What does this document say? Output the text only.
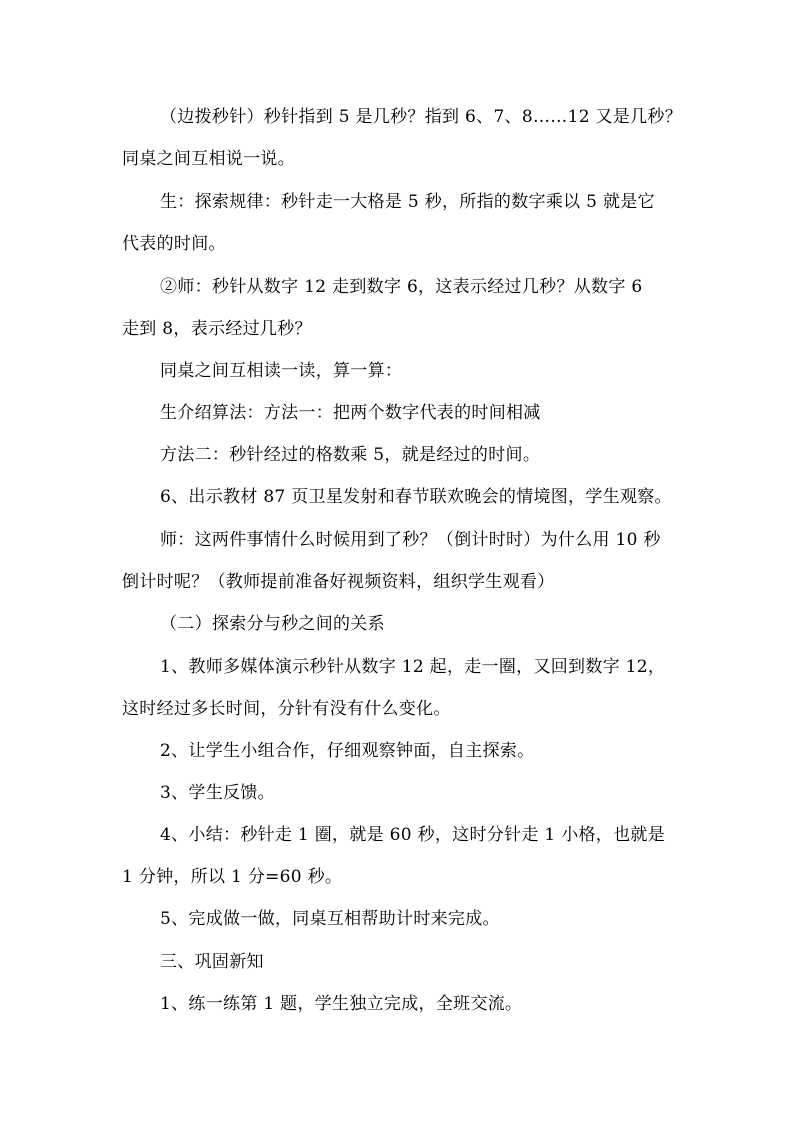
（边拨秒针）秒针指到 5 是几秒？指到 6、7、8……12 又是几秒？
同桌之间互相说一说。
生：探索规律：秒针走一大格是 5 秒，所指的数字乘以 5 就是它
代表的时间。
②师：秒针从数字 12 走到数字 6，这表示经过几秒？从数字 6
走到 8，表示经过几秒？
同桌之间互相读一读，算一算：
生介绍算法：方法一：把两个数字代表的时间相减
方法二：秒针经过的格数乘 5，就是经过的时间。
6、出示教材 87 页卫星发射和春节联欢晚会的情境图，学生观察。
师：这两件事情什么时候用到了秒？（倒计时时）为什么用 10 秒
倒计时呢？（教师提前准备好视频资料，组织学生观看）
（二）探索分与秒之间的关系
1、教师多媒体演示秒针从数字 12 起，走一圈，又回到数字 12，
这时经过多长时间，分针有没有什么变化。
2、让学生小组合作，仔细观察钟面，自主探索。
3、学生反馈。
4、小结：秒针走 1 圈，就是 60 秒，这时分针走 1 小格，也就是
1 分钟，所以 1 分=60 秒。
5、完成做一做，同桌互相帮助计时来完成。
三、巩固新知
1、练一练第 1 题，学生独立完成，全班交流。
